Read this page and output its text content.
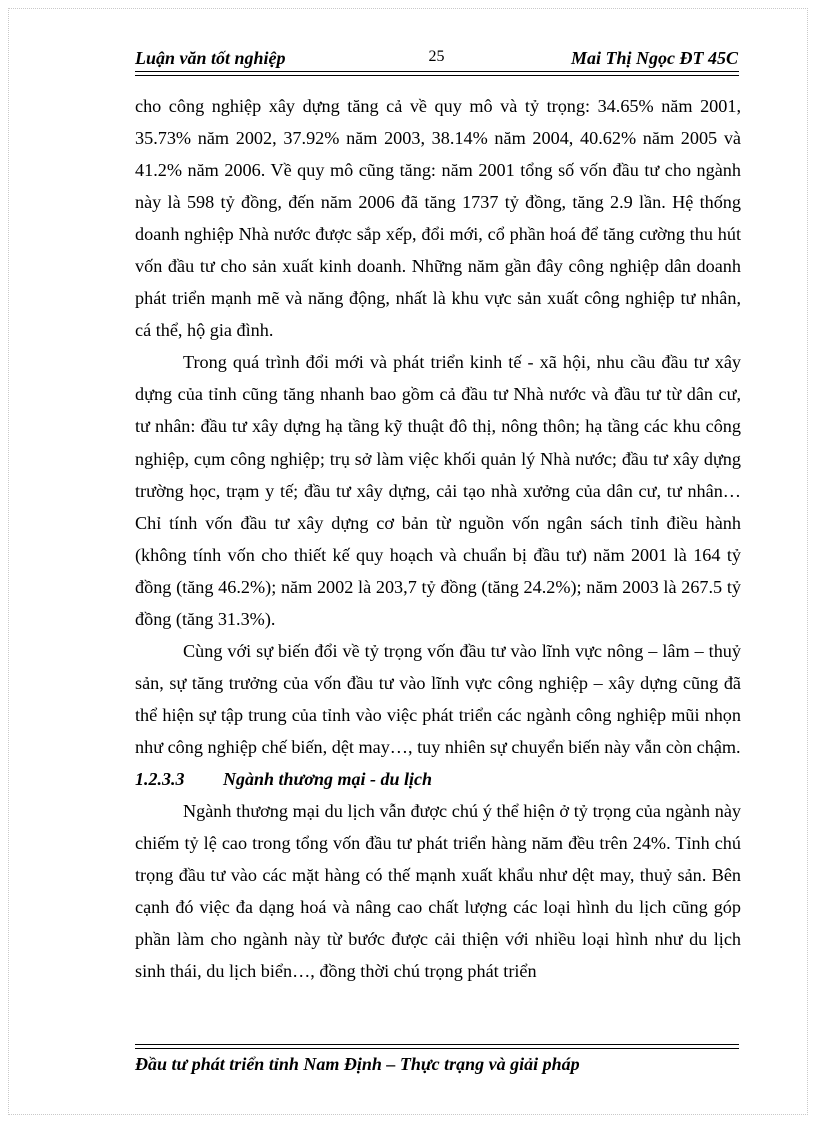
Luận văn tốt nghiệp	25	Mai Thị Ngọc ĐT 45C

cho công nghiệp xây dựng tăng cả về quy mô và tỷ trọng: 34.65% năm 2001, 35.73% năm 2002, 37.92% năm 2003, 38.14% năm 2004, 40.62% năm 2005 và 41.2% năm 2006. Về quy mô cũng tăng: năm 2001 tổng số vốn đầu tư cho ngành này là 598 tỷ đồng, đến năm 2006 đã tăng 1737 tỷ đồng, tăng 2.9 lần. Hệ thống doanh nghiệp Nhà nước được sắp xếp, đổi mới, cổ phần hoá để tăng cường thu hút vốn đầu tư cho sản xuất kinh doanh. Những năm gần đây công nghiệp dân doanh phát triển mạnh mẽ và năng động, nhất là khu vực sản xuất công nghiệp tư nhân, cá thể, hộ gia đình.

Trong quá trình đổi mới và phát triển kinh tế - xã hội, nhu cầu đầu tư xây dựng của tỉnh cũng tăng nhanh bao gồm cả đầu tư Nhà nước và đầu tư từ dân cư, tư nhân: đầu tư xây dựng hạ tầng kỹ thuật đô thị, nông thôn; hạ tầng các khu công nghiệp, cụm công nghiệp; trụ sở làm việc khối quản lý Nhà nước; đầu tư xây dựng trường học, trạm y tế; đầu tư xây dựng, cải tạo nhà xưởng của dân cư, tư nhân…Chỉ tính vốn đầu tư xây dựng cơ bản từ nguồn vốn ngân sách tỉnh điều hành (không tính vốn cho thiết kế quy hoạch và chuẩn bị đầu tư) năm 2001 là 164 tỷ đồng (tăng 46.2%); năm 2002 là 203,7 tỷ đồng (tăng 24.2%); năm 2003 là 267.5 tỷ đồng (tăng 31.3%).

Cùng với sự biến đổi về tỷ trọng vốn đầu tư vào lĩnh vực nông – lâm – thuỷ sản, sự tăng trưởng của vốn đầu tư vào lĩnh vực công nghiệp – xây dựng cũng đã thể hiện sự tập trung của tỉnh vào việc phát triển các ngành công nghiệp mũi nhọn như công nghiệp chế biến, dệt may…, tuy nhiên sự chuyển biến này vẫn còn chậm.

1.2.3.3 Ngành thương mại - du lịch

Ngành thương mại du lịch vẫn được chú ý thể hiện ở tỷ trọng của ngành này chiếm tỷ lệ cao trong tổng vốn đầu tư phát triển hàng năm đều trên 24%. Tỉnh chú trọng đầu tư vào các mặt hàng có thế mạnh xuất khẩu như dệt may, thuỷ sản. Bên cạnh đó việc đa dạng hoá và nâng cao chất lượng các loại hình du lịch cũng góp phần làm cho ngành này từ bước được cải thiện với nhiều loại hình như du lịch sinh thái, du lịch biển…, đồng thời chú trọng phát triển

Đầu tư phát triển tỉnh Nam Định – Thực trạng và giải pháp
